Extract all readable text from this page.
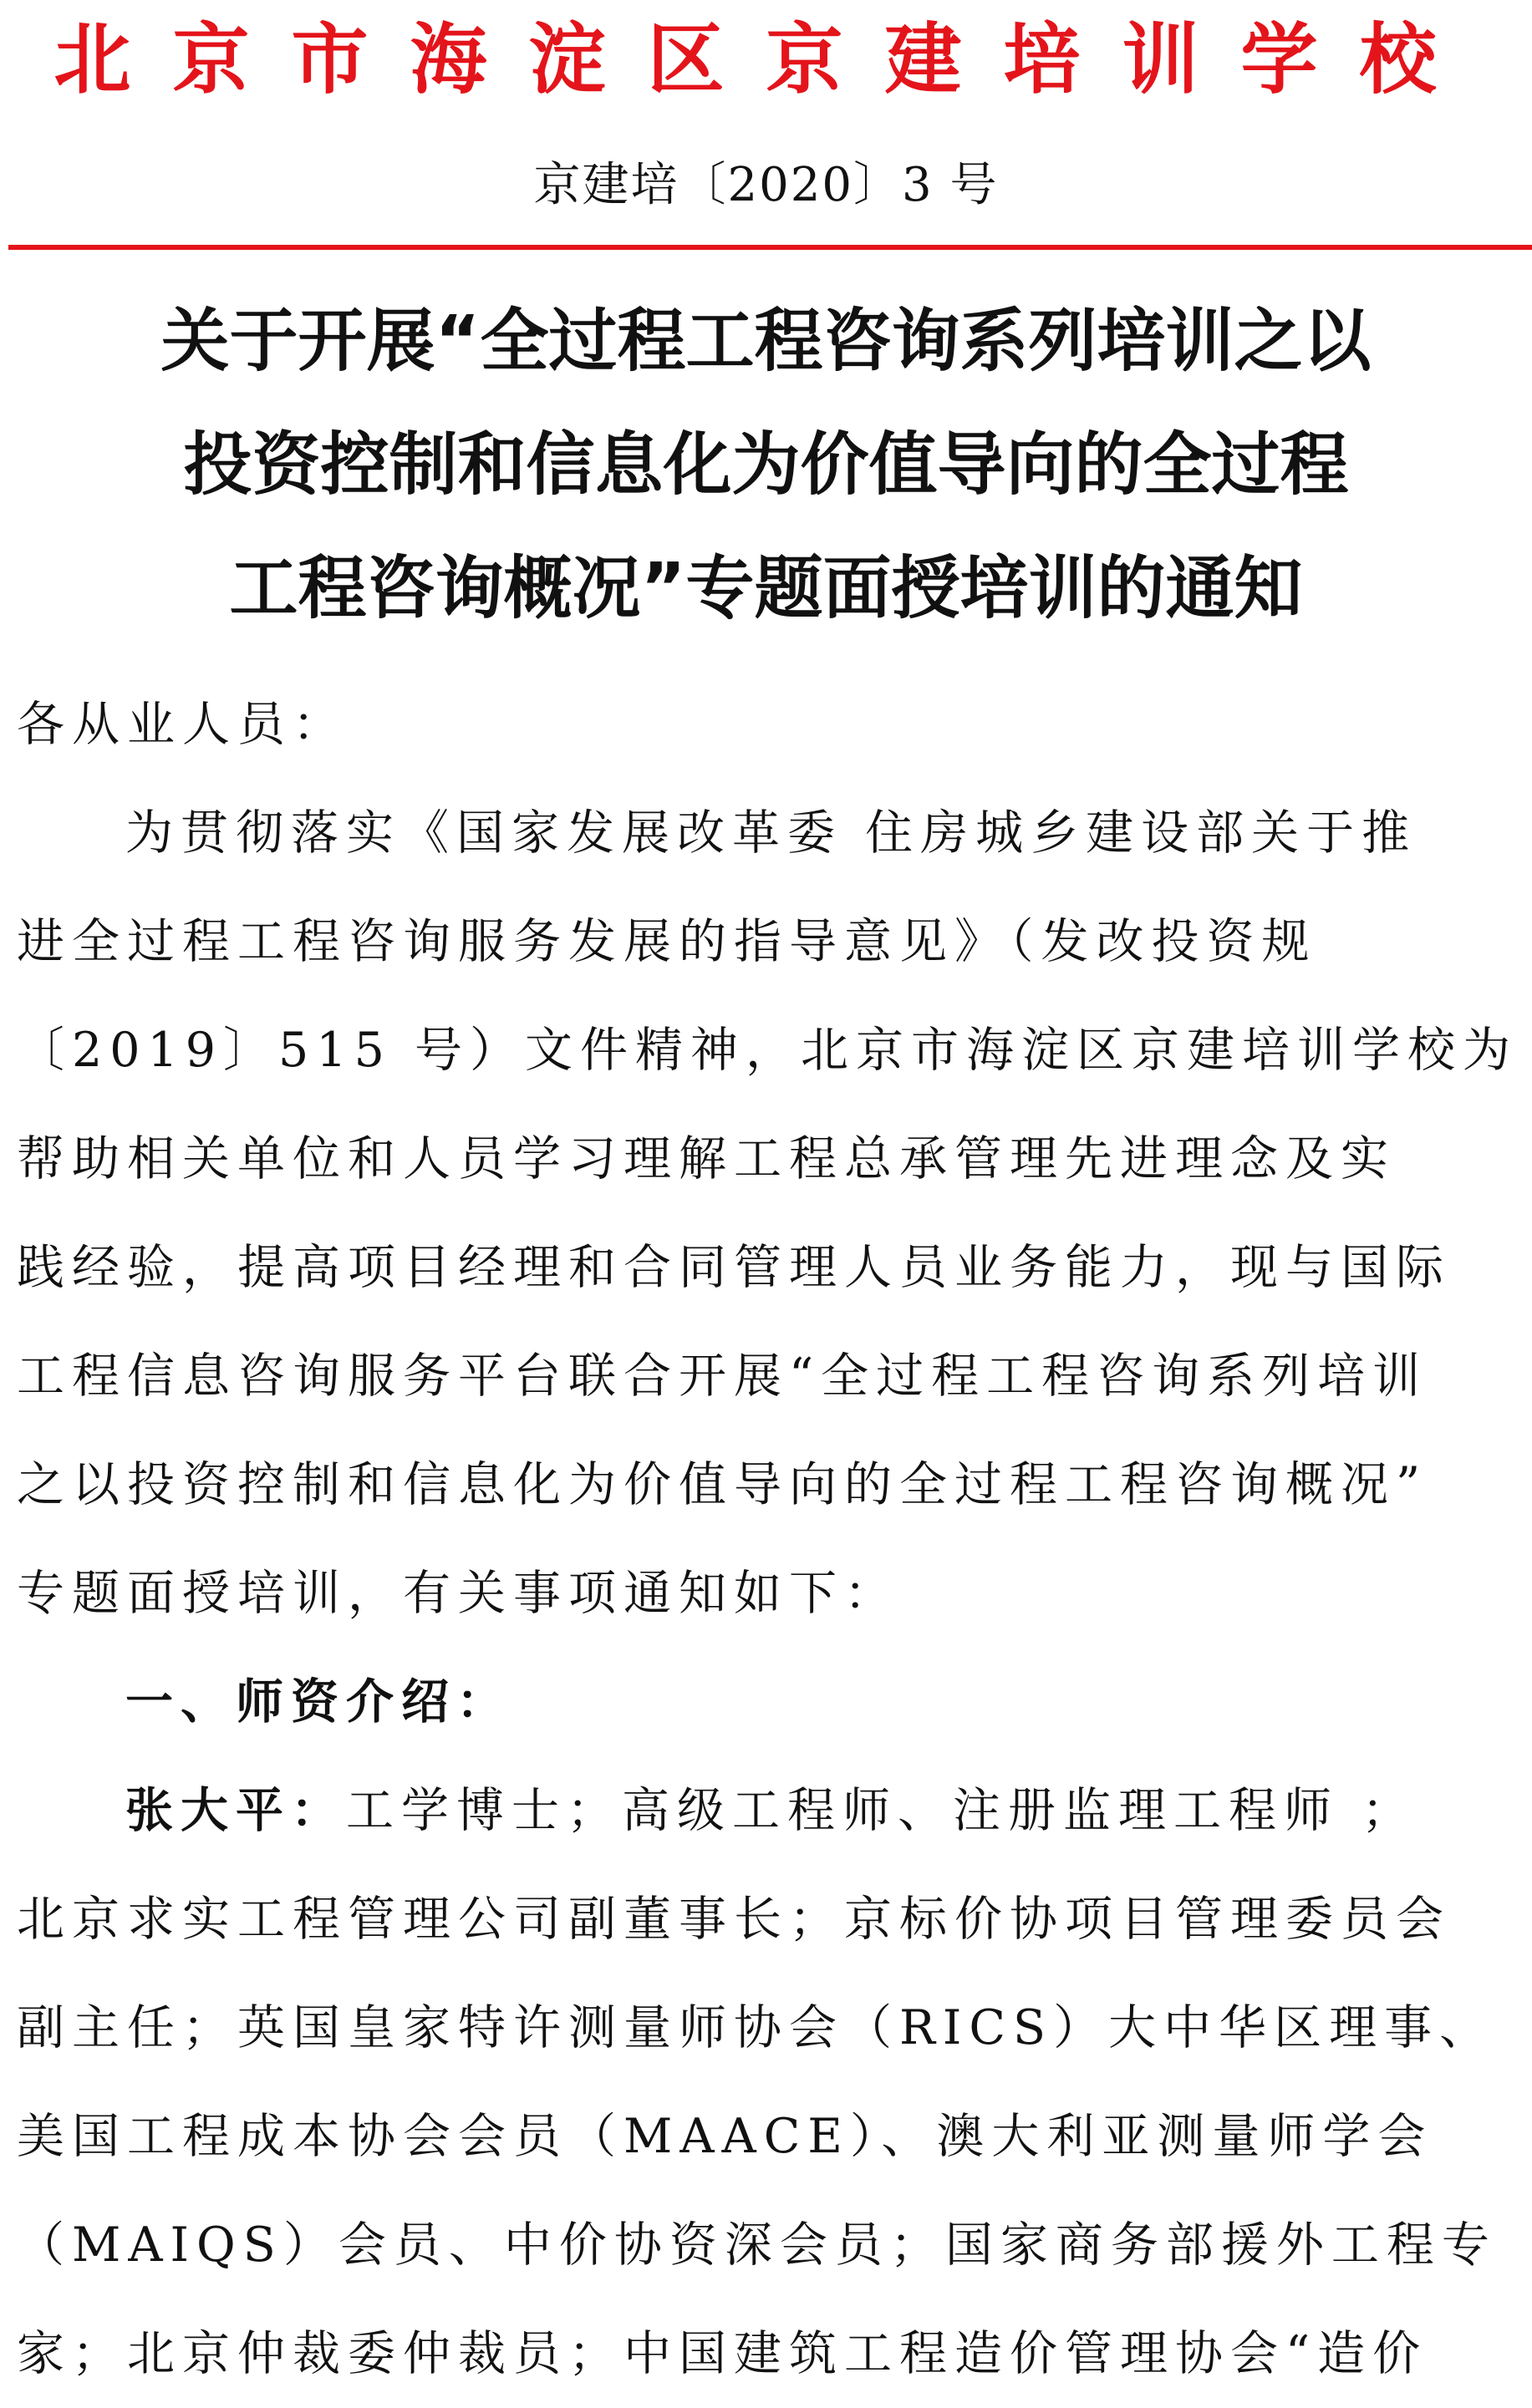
北京市海淀区京建培训学校
京建培〔2020〕3 号
关于开展“全过程工程咨询系列培训之以
投资控制和信息化为价值导向的全过程
工程咨询概况”专题面授培训的通知
各从业人员：
为贯彻落实《国家发展改革委 住房城乡建设部关于推
进全过程工程咨询服务发展的指导意见》（发改投资规
〔2019〕515 号）文件精神，北京市海淀区京建培训学校为
帮助相关单位和人员学习理解工程总承管理先进理念及实
践经验，提高项目经理和合同管理人员业务能力，现与国际
工程信息咨询服务平台联合开展“全过程工程咨询系列培训
之以投资控制和信息化为价值导向的全过程工程咨询概况”
专题面授培训，有关事项通知如下：
一、师资介绍：
张大平：工学博士；高级工程师、注册监理工程师 ；
北京求实工程管理公司副董事长；京标价协项目管理委员会
副主任；英国皇家特许测量师协会（RICS）大中华区理事、
美国工程成本协会会员（MAACE）、澳大利亚测量师学会
（MAIQS）会员、中价协资深会员；国家商务部援外工程专
家；北京仲裁委仲裁员；中国建筑工程造价管理协会“造价
